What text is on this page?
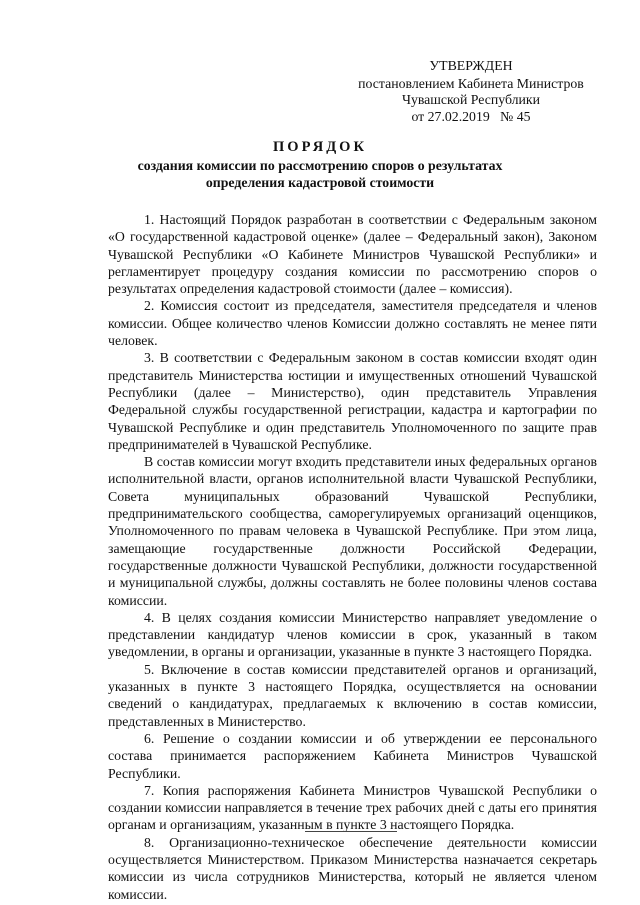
УТВЕРЖДЕН
постановлением Кабинета Министров
Чувашской Республики
от 27.02.2019   № 45
ПОРЯДОК
создания комиссии по рассмотрению споров о результатах
определения кадастровой стоимости

1. Настоящий Порядок разработан в соответствии с Федеральным законом «О государственной кадастровой оценке» (далее – Федеральный закон), Законом Чувашской Республики «О Кабинете Министров Чувашской Республики» и регламентирует процедуру создания комиссии по рассмотрению споров о результатах определения кадастровой стоимости (далее – комиссия).

2. Комиссия состоит из председателя, заместителя председателя и членов комиссии. Общее количество членов Комиссии должно составлять не менее пяти человек.

3. В соответствии с Федеральным законом в состав комиссии входят один представитель Министерства юстиции и имущественных отношений Чувашской Республики (далее – Министерство), один представитель Управления Федеральной службы государственной регистрации, кадастра и картографии по Чувашской Республике и один представитель Уполномоченного по защите прав предпринимателей в Чувашской Республике.

В состав комиссии могут входить представители иных федеральных органов исполнительной власти, органов исполнительной власти Чувашской Республики, Совета муниципальных образований Чувашской Республики, предпринимательского сообщества, саморегулируемых организаций оценщиков, Уполномоченного по правам человека в Чувашской Республике. При этом лица, замещающие государственные должности Российской Федерации, государственные должности Чувашской Республики, должности государственной и муниципальной службы, должны составлять не более половины членов состава комиссии.

4. В целях создания комиссии Министерство направляет уведомление о представлении кандидатур членов комиссии в срок, указанный в таком уведомлении, в органы и организации, указанные в пункте 3 настоящего Порядка.

5. Включение в состав комиссии представителей органов и организаций, указанных в пункте 3 настоящего Порядка, осуществляется на основании сведений о кандидатурах, предлагаемых к включению в состав комиссии, представленных в Министерство.

6. Решение о создании комиссии и об утверждении ее персонального состава принимается распоряжением Кабинета Министров Чувашской Республики.

7. Копия распоряжения Кабинета Министров Чувашской Республики о создании комиссии направляется в течение трех рабочих дней с даты его принятия органам и организациям, указанным в пункте 3 настоящего Порядка.

8. Организационно-техническое обеспечение деятельности комиссии осуществляется Министерством. Приказом Министерства назначается секретарь комиссии из числа сотрудников Министерства, который не является членом комиссии.
